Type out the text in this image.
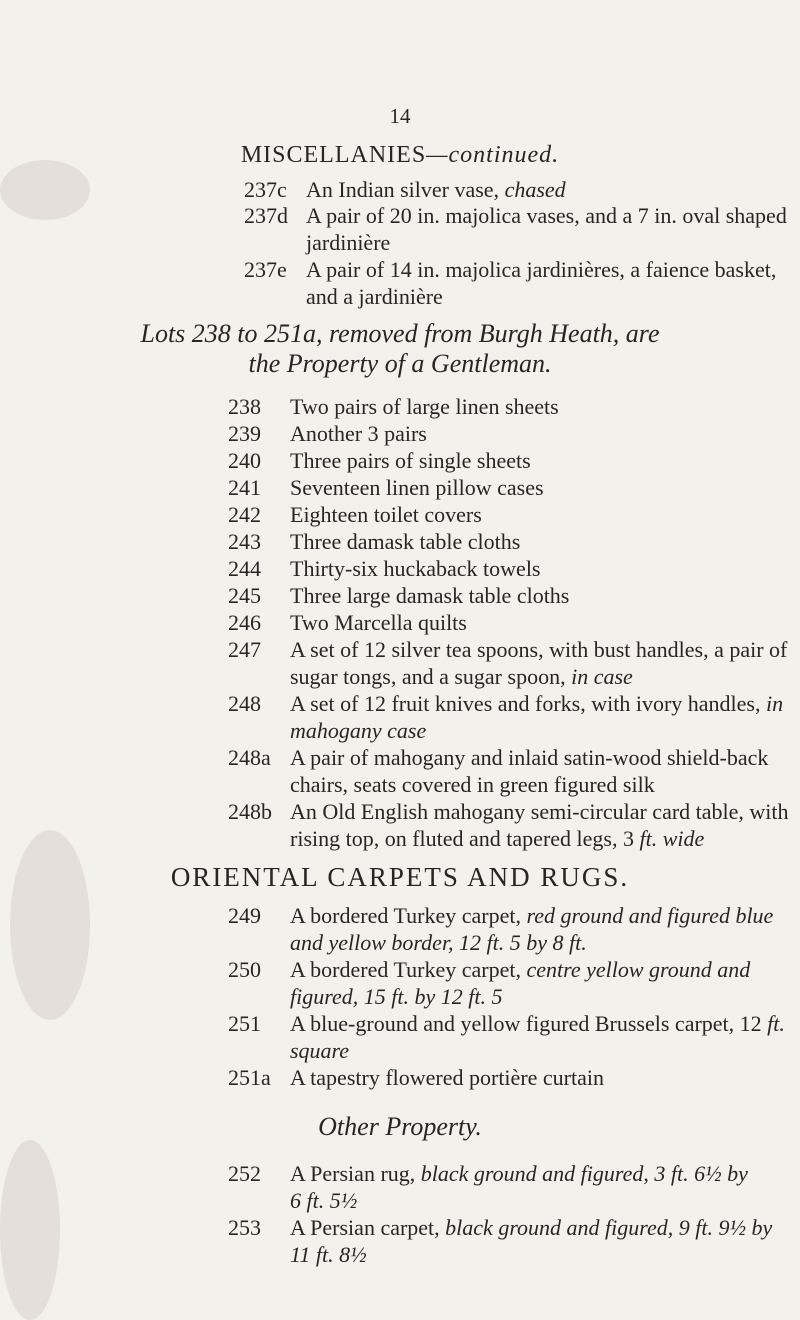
14
MISCELLANIES—continued.
237c An Indian silver vase, chased
237d A pair of 20 in. majolica vases, and a 7 in. oval shaped jardinière
237e A pair of 14 in. majolica jardinières, a faience basket, and a jardinière
Lots 238 to 251a, removed from Burgh Heath, are
the Property of a Gentleman.
238	Two pairs of large linen sheets
239	Another 3 pairs
240	Three pairs of single sheets
241	Seventeen linen pillow cases
242	Eighteen toilet covers
243	Three damask table cloths
244	Thirty-six huckaback towels
245	Three large damask table cloths
246	Two Marcella quilts
247	A set of 12 silver tea spoons, with bust handles, a pair of
sugar tongs, and a sugar spoon, in case
248	A set of 12 fruit knives and forks, with ivory handles, in
mahogany case
248a A pair of mahogany and inlaid satin-wood shield-back
chairs, seats covered in green figured silk
248b An Old English mahogany semi-circular card table, with
rising top, on fluted and tapered legs, 3 ft. wide
ORIENTAL CARPETS AND RUGS.
249	A bordered Turkey carpet, red ground and figured blue
and yellow border, 12 ft. 5 by 8 ft.
250	A bordered Turkey carpet, centre yellow ground and
figured, 15 ft. by 12 ft. 5
251	A blue-ground and yellow figured Brussels carpet, 12 ft.
square
251a A tapestry flowered portière curtain
Other Property.
252	A Persian rug, black ground and figured, 3 ft. 6½ by
6 ft. 5½
253	A Persian carpet, black ground and figured, 9 ft. 9½ by
11 ft. 8½
